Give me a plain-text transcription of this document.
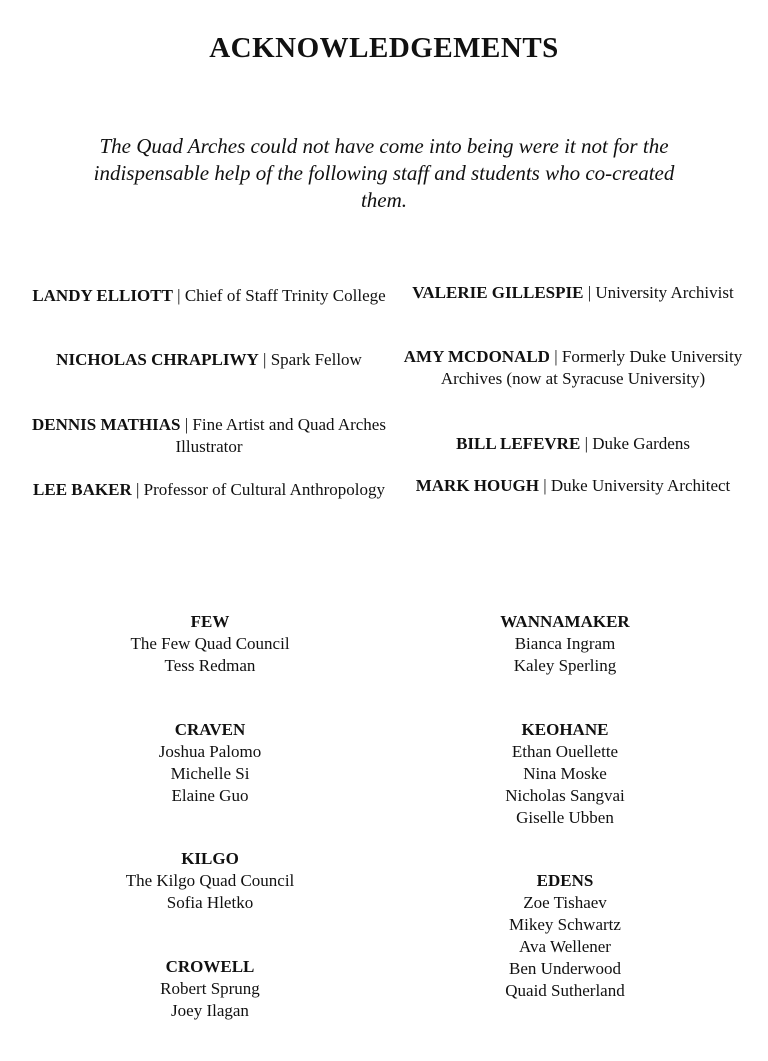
ACKNOWLEDGEMENTS
The Quad Arches could not have come into being were it not for the indispensable help of the following staff and students who co-created them.
LANDY ELLIOTT | Chief of Staff Trinity College
NICHOLAS CHRAPLIWY | Spark Fellow
DENNIS MATHIAS | Fine Artist and Quad Arches Illustrator
LEE BAKER | Professor of Cultural Anthropology
VALERIE GILLESPIE | University Archivist
AMY MCDONALD | Formerly Duke University Archives (now at Syracuse University)
BILL LEFEVRE | Duke Gardens
MARK HOUGH | Duke University Architect
FEW
The Few Quad Council
Tess Redman
CRAVEN
Joshua Palomo
Michelle Si
Elaine Guo
KILGO
The Kilgo Quad Council
Sofia Hletko
CROWELL
Robert Sprung
Joey Ilagan
WANNAMAKER
Bianca Ingram
Kaley Sperling
KEOHANE
Ethan Ouellette
Nina Moske
Nicholas Sangvai
Giselle Ubben
EDENS
Zoe Tishaev
Mikey Schwartz
Ava Wellener
Ben Underwood
Quaid Sutherland
